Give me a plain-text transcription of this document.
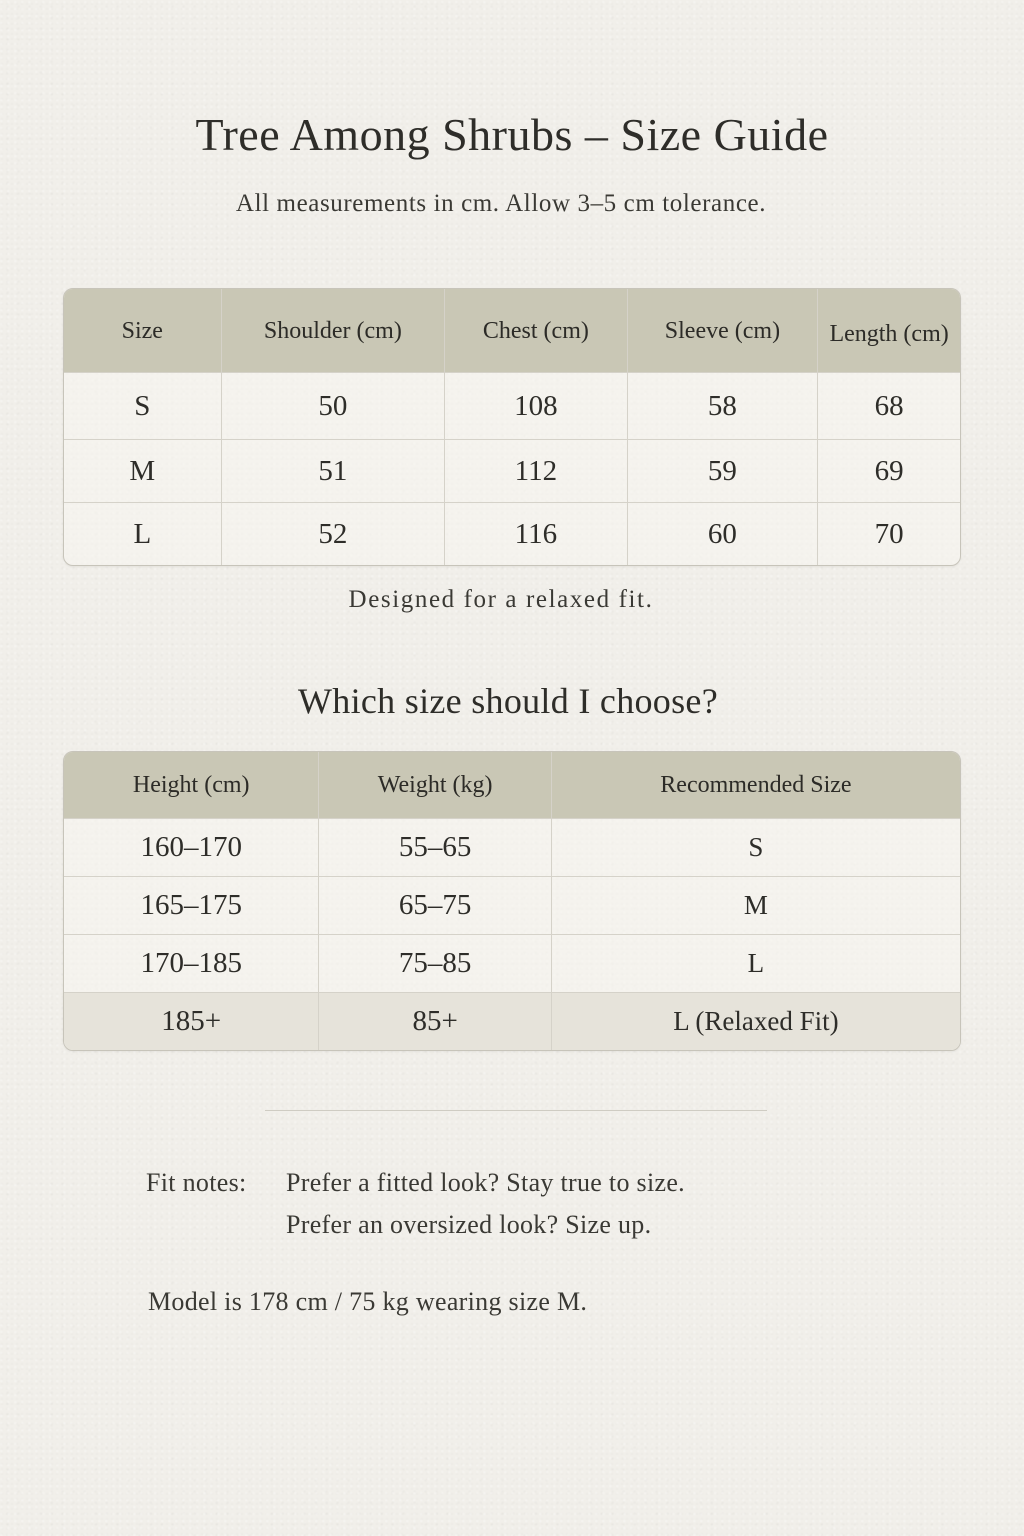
Tree Among Shrubs – Size Guide
All measurements in cm. Allow 3–5 cm tolerance.
Size	Shoulder (cm)	Chest (cm)	Sleeve (cm)	Length (cm)
S	50	108	58	68
M	51	112	59	69
L	52	116	60	70
Designed for a relaxed fit.
Which size should I choose?
Height (cm)	Weight (kg)	Recommended Size
160–170	55–65	S
165–175	65–75	M
170–185	75–85	L
185+	85+	L (Relaxed Fit)
Fit notes: Prefer a fitted look? Stay true to size.
Prefer an oversized look? Size up.
Model is 178 cm / 75 kg wearing size M.
